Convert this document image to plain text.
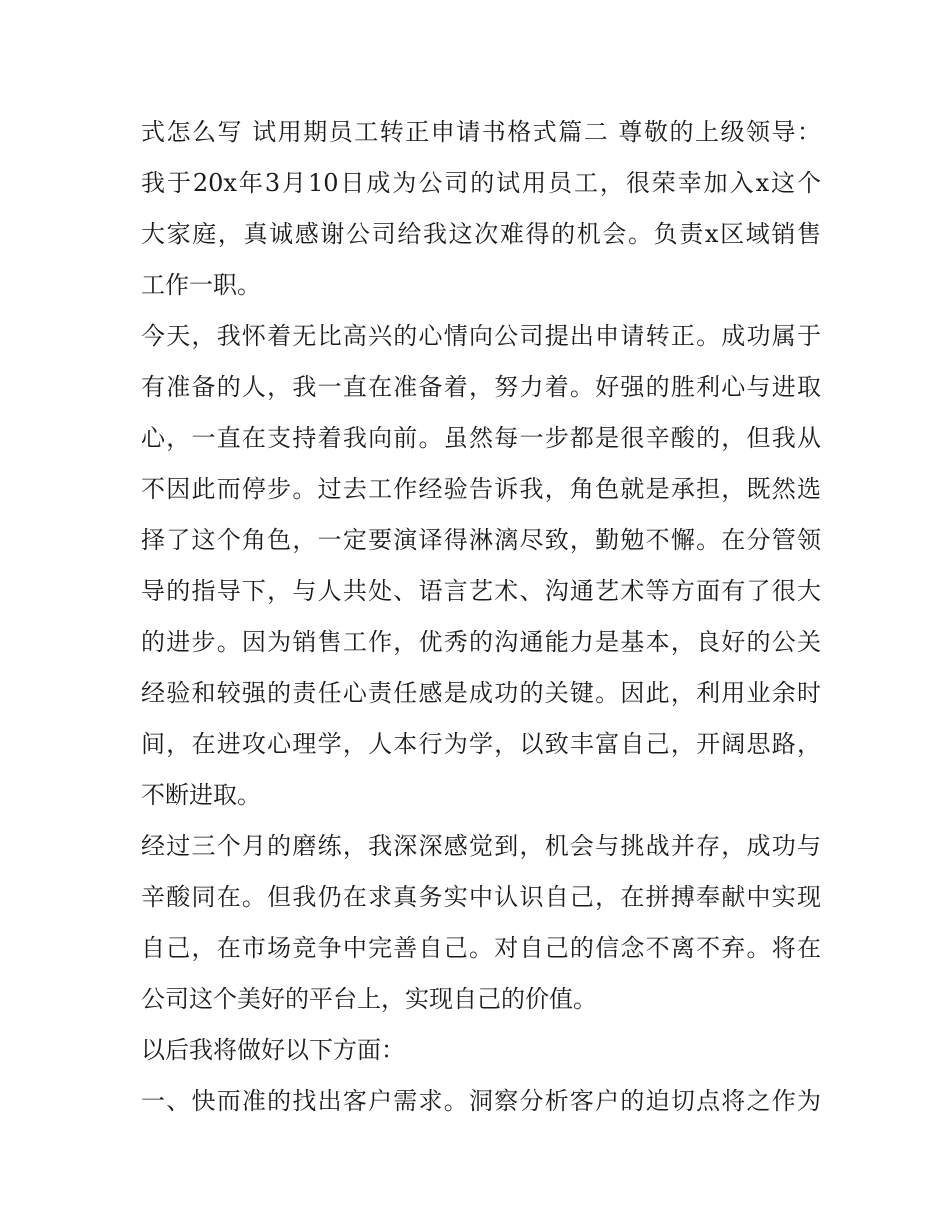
式怎么写 试用期员工转正申请书格式篇二 尊敬的上级领导：
我于20x年3月10日成为公司的试用员工，很荣幸加入x这个
大家庭，真诚感谢公司给我这次难得的机会。负责x区域销售
工作一职。
今天，我怀着无比高兴的心情向公司提出申请转正。成功属于
有准备的人，我一直在准备着，努力着。好强的胜利心与进取
心，一直在支持着我向前。虽然每一步都是很辛酸的，但我从
不因此而停步。过去工作经验告诉我，角色就是承担，既然选
择了这个角色，一定要演译得淋漓尽致，勤勉不懈。在分管领
导的指导下，与人共处、语言艺术、沟通艺术等方面有了很大
的进步。因为销售工作，优秀的沟通能力是基本，良好的公关
经验和较强的责任心责任感是成功的关键。因此，利用业余时
间，在进攻心理学，人本行为学，以致丰富自己，开阔思路，
不断进取。
经过三个月的磨练，我深深感觉到，机会与挑战并存，成功与
辛酸同在。但我仍在求真务实中认识自己，在拼搏奉献中实现
自己，在市场竞争中完善自己。对自己的信念不离不弃。将在
公司这个美好的平台上，实现自己的价值。
以后我将做好以下方面：
一、快而准的找出客户需求。洞察分析客户的迫切点将之作为
